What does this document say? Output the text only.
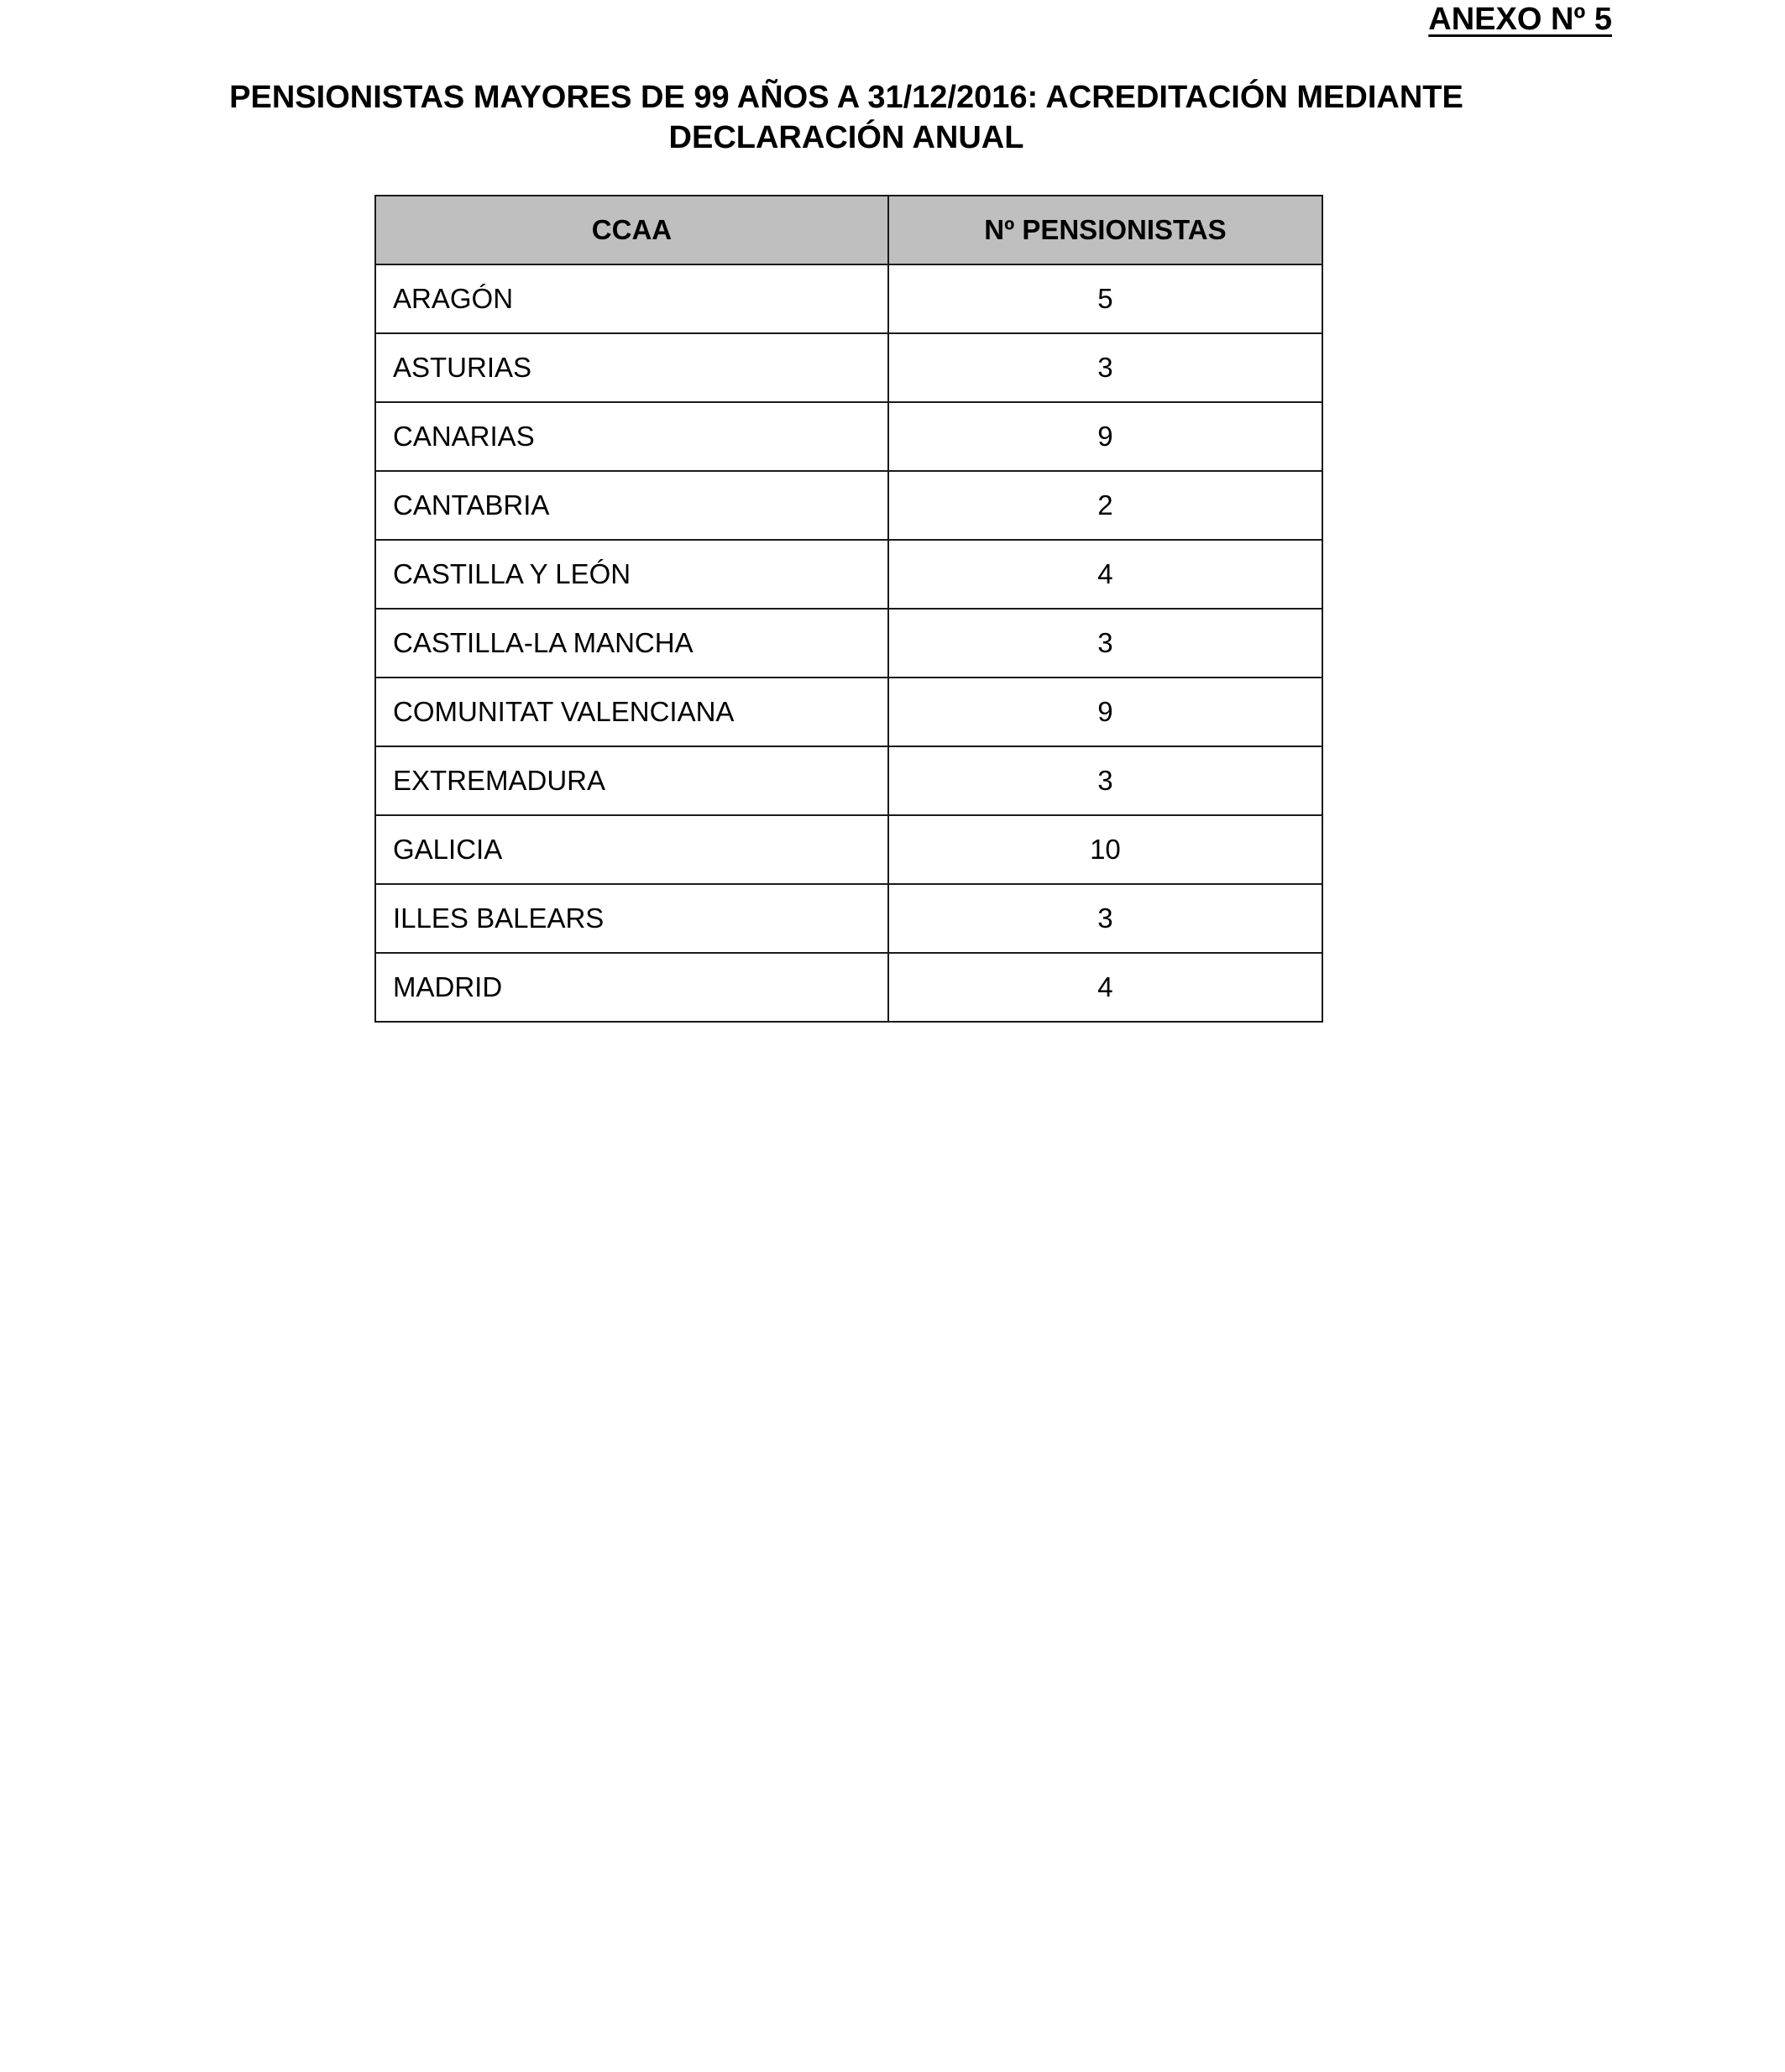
ANEXO Nº 5
PENSIONISTAS MAYORES DE 99 AÑOS A 31/12/2016: ACREDITACIÓN MEDIANTE
DECLARACIÓN ANUAL
CCAA	Nº PENSIONISTAS
ARAGÓN	5
ASTURIAS	3
CANARIAS	9
CANTABRIA	2
CASTILLA Y LEÓN	4
CASTILLA-LA MANCHA	3
COMUNITAT VALENCIANA	9
EXTREMADURA	3
GALICIA	10
ILLES BALEARS	3
MADRID	4
